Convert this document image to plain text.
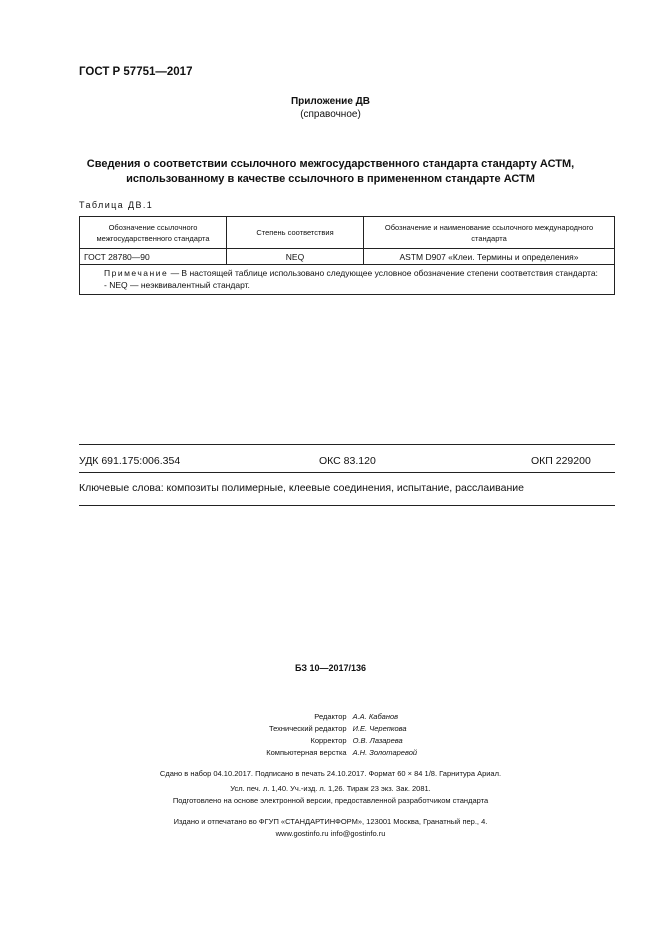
ГОСТ Р 57751—2017
Приложение ДВ
(справочное)
Сведения о соответствии ссылочного межгосударственного стандарта стандарту АСТМ,
использованному в качестве ссылочного в примененном стандарте АСТМ
Таблица ДВ.1
Обозначение ссылочного межгосударственного стандарта	Степень соответствия	Обозначение и наименование ссылочного международного стандарта
ГОСТ 28780—90	NEQ	ASTM D907 «Клеи. Термины и определения»

Примечание — В настоящей таблице использовано следующее условное обозначение степени соответствия стандарта:
- NEQ — неэквивалентный стандарт.		
УДК 691.175:006.354	ОКС 83.120	ОКП 229200
Ключевые слова: композиты полимерные, клеевые соединения, испытание, расслаивание
БЗ 10—2017/136
Редактор А.А. Кабанов
Технический редактор И.Е. Черепкова
Корректор О.В. Лазарева
Компьютерная верстка А.Н. Золотаревой
Сдано в набор 04.10.2017. Подписано в печать 24.10.2017. Формат 60 × 84 1/8. Гарнитура Ариал.
Усл. печ. л. 1,40. Уч.-изд. л. 1,26. Тираж 23 экз. Зак. 2081.
Подготовлено на основе электронной версии, предоставленной разработчиком стандарта
Издано и отпечатано во ФГУП «СТАНДАРТИНФОРМ», 123001 Москва, Гранатный пер., 4.
www.gostinfo.ru info@gostinfo.ru
